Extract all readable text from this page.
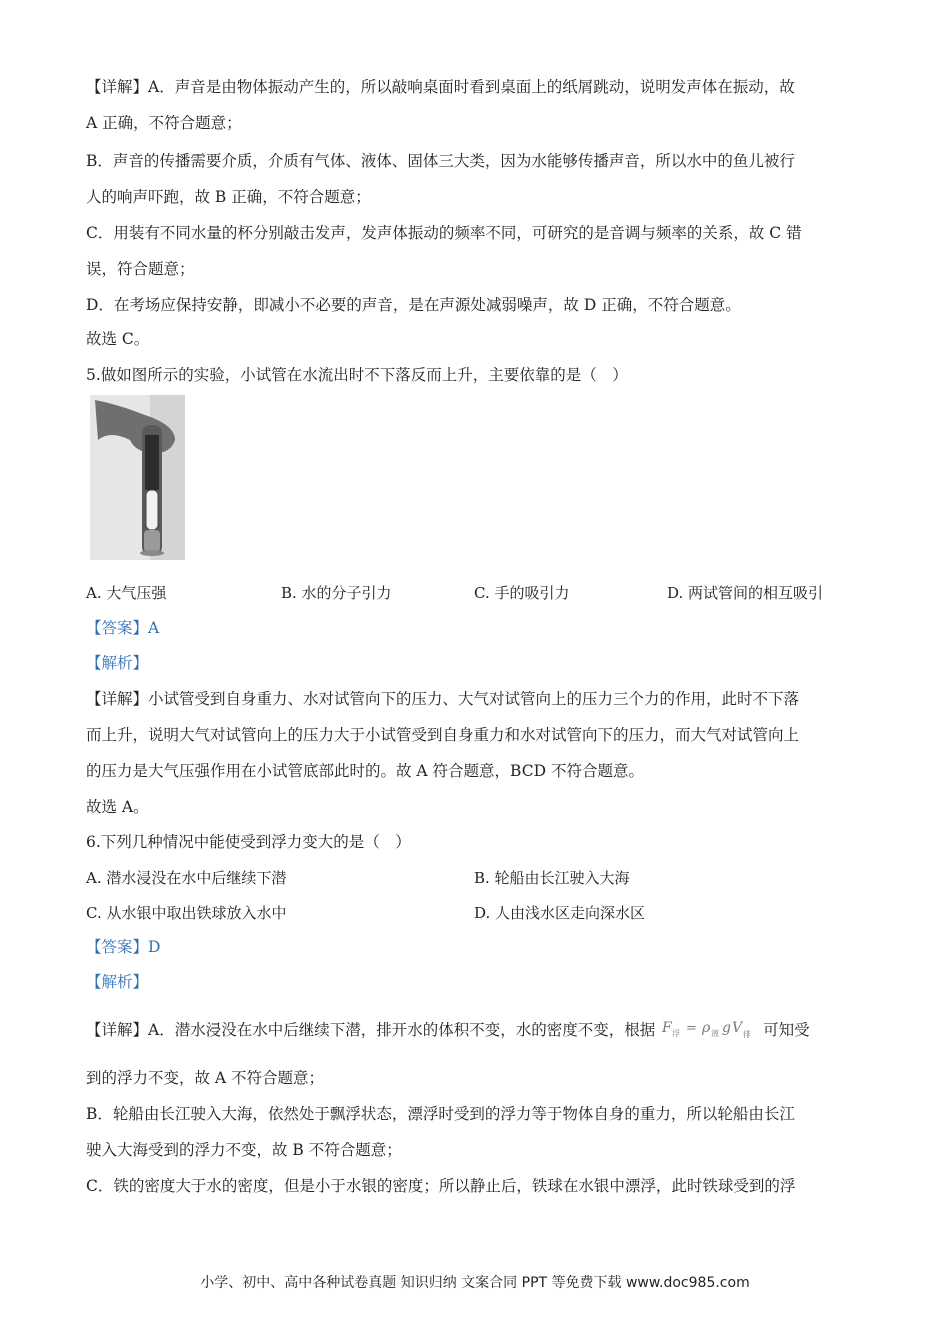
【详解】A．声音是由物体振动产生的，所以敲响桌面时看到桌面上的纸屑跳动，说明发声体在振动，故
A 正确，不符合题意；
B．声音的传播需要介质，介质有气体、液体、固体三大类，因为水能够传播声音，所以水中的鱼儿被行
人的响声吓跑，故 B 正确，不符合题意；
C．用装有不同水量的杯分别敲击发声，发声体振动的频率不同，可研究的是音调与频率的关系，故 C 错
误，符合题意；
D．在考场应保持安静，即减小不必要的声音，是在声源处减弱噪声，故 D 正确，不符合题意。
故选 C。
5.做如图所示的实验，小试管在水流出时不下落反而上升，主要依靠的是（　）
A. 大气压强	B. 水的分子引力	C. 手的吸引力	D. 两试管间的相互吸引
【答案】A
【解析】
【详解】小试管受到自身重力、水对试管向下的压力、大气对试管向上的压力三个力的作用，此时不下落
而上升，说明大气对试管向上的压力大于小试管受到自身重力和水对试管向下的压力，而大气对试管向上
的压力是大气压强作用在小试管底部此时的。故 A 符合题意，BCD 不符合题意。
故选 A。
6.下列几种情况中能使受到浮力变大的是（　）
A. 潜水浸没在水中后继续下潜	B. 轮船由长江驶入大海
C. 从水银中取出铁球放入水中	D. 人由浅水区走向深水区
【答案】D
【解析】
【详解】A．潜水浸没在水中后继续下潜，排开水的体积不变，水的密度不变，根据 F 浮 = ρ 液 g V 排 可知受
到的浮力不变，故 A 不符合题意；
B．轮船由长江驶入大海，依然处于飘浮状态，漂浮时受到的浮力等于物体自身的重力，所以轮船由长江
驶入大海受到的浮力不变，故 B 不符合题意；
C．铁的密度大于水的密度，但是小于水银的密度；所以静止后，铁球在水银中漂浮，此时铁球受到的浮
小学、初中、高中各种试卷真题 知识归纳 文案合同 PPT 等免费下载 www.doc985.com
